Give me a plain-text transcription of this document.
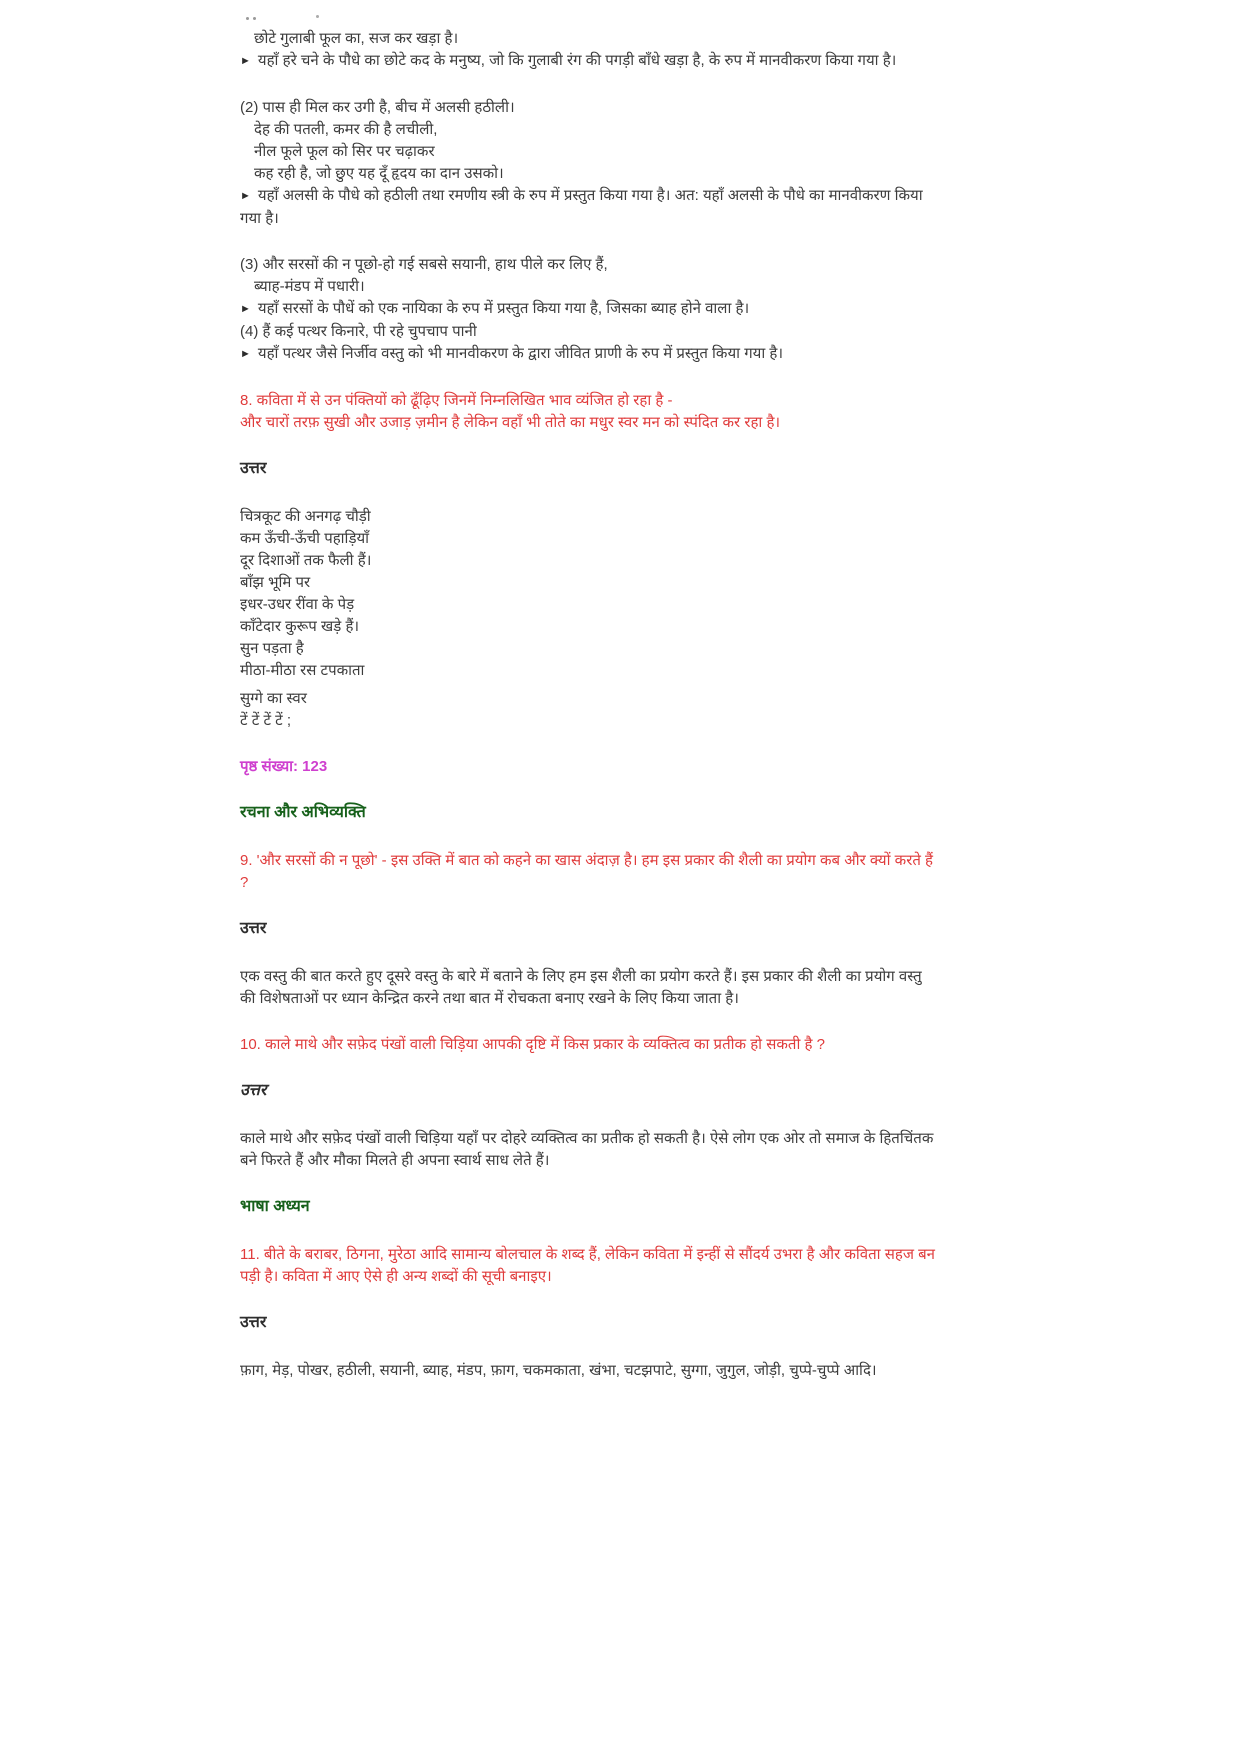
छोटे गुलाबी फूल का, सज कर खड़ा है।
► यहाँ हरे चने के पौधे का छोटे कद के मनुष्य, जो कि गुलाबी रंग की पगड़ी बाँधे खड़ा है, के रुप में मानवीकरण किया गया है।
(2) पास ही मिल कर उगी है, बीच में अलसी हठीली।
देह की पतली, कमर की है लचीली,
नील फूले फूल को सिर पर चढ़ाकर
कह रही है, जो छुए यह दूँ हृदय का दान उसको।
► यहाँ अलसी के पौधे को हठीली तथा रमणीय स्त्री के रुप में प्रस्तुत किया गया है। अत: यहाँ अलसी के पौधे का मानवीकरण किया गया है।
(3) और सरसों की न पूछो-हो गई सबसे सयानी, हाथ पीले कर लिए हैं,
ब्याह-मंडप में पधारी।
► यहाँ सरसों के पौधें को एक नायिका के रुप में प्रस्तुत किया गया है, जिसका ब्याह होने वाला है।
(4) हैं कई पत्थर किनारे, पी रहे चुपचाप पानी
► यहाँ पत्थर जैसे निर्जीव वस्तु को भी मानवीकरण के द्वारा जीवित प्राणी के रुप में प्रस्तुत किया गया है।
8. कविता में से उन पंक्तियों को ढूँढ़िए जिनमें निम्नलिखित भाव व्यंजित हो रहा है -
और चारों तरफ़ सुखी और उजाड़ ज़मीन है लेकिन वहाँ भी तोते का मधुर स्वर मन को स्पंदित कर रहा है।
उत्तर
चित्रकूट की अनगढ़ चौड़ी
कम ऊँची-ऊँची पहाड़ियाँ
दूर दिशाओं तक फैली हैं।
बाँझ भूमि पर
इधर-उधर रींवा के पेड़
काँटेदार कुरूप खड़े हैं।
सुन पड़ता है
मीठा-मीठा रस टपकाता
सुग्गे का स्वर
टें टें टें टें ;
पृष्ठ संख्या: 123
रचना और अभिव्यक्ति
9. 'और सरसों की न पूछो' - इस उक्ति में बात को कहने का खास अंदाज़ है। हम इस प्रकार की शैली का प्रयोग कब और क्यों करते हैं ?
उत्तर
एक वस्तु की बात करते हुए दूसरे वस्तु के बारे में बताने के लिए हम इस शैली का प्रयोग करते हैं। इस प्रकार की शैली का प्रयोग वस्तु की विशेषताओं पर ध्यान केन्द्रित करने तथा बात में रोचकता बनाए रखने के लिए किया जाता है।
10. काले माथे और सफ़ेद पंखों वाली चिड़िया आपकी दृष्टि में किस प्रकार के व्यक्तित्व का प्रतीक हो सकती है ?
उत्तर
काले माथे और सफ़ेद पंखों वाली चिड़िया यहाँ पर दोहरे व्यक्तित्व का प्रतीक हो सकती है। ऐसे लोग एक ओर तो समाज के हितचिंतक बने फिरते हैं और मौका मिलते ही अपना स्वार्थ साध लेते हैं।
भाषा अध्यन
11. बीते के बराबर, ठिगना, मुरेठा आदि सामान्य बोलचाल के शब्द हैं, लेकिन कविता में इन्हीं से सौंदर्य उभरा है और कविता सहज बन पड़ी है। कविता में आए ऐसे ही अन्य शब्दों की सूची बनाइए।
उत्तर
फ़ाग, मेड़, पोखर, हठीली, सयानी, ब्याह, मंडप, फ़ाग, चकमकाता, खंभा, चटझपाटे, सुग्गा, जुगुल, जोड़ी, चुप्पे-चुप्पे आदि।
